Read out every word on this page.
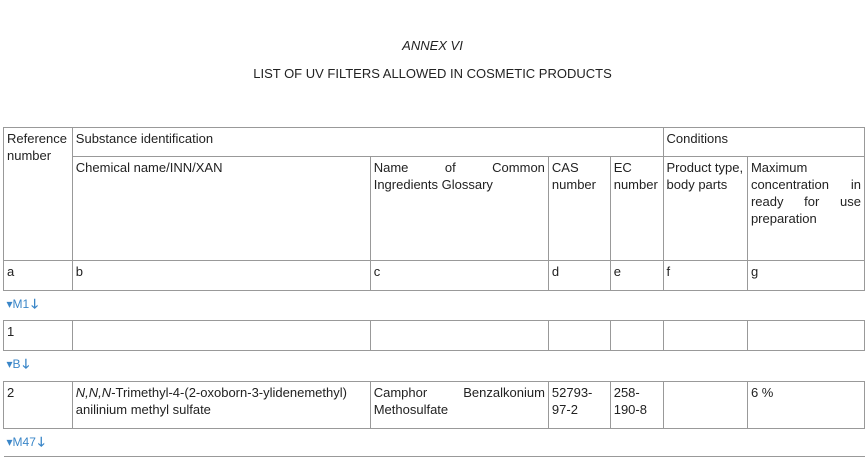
ANNEX VI
LIST OF UV FILTERS ALLOWED IN COSMETIC PRODUCTS
Reference number	Substance identification				Conditions	
	Chemical name/INN/XAN	Name of Common Ingredients Glossary	CAS number	EC number	Product type, body parts	Maximum concentration in ready for use preparation

a	b	c	d	e	f	g
▾M1 🡓						
1						
▾B 🡓						
2	N,N,N-Trimethyl-4-(2-oxoborn-3-ylidenemethyl) anilinium methyl sulfate	Camphor Benzalkonium Methosulfate	52793-97-2	258-190-8		6 %
▾M47 🡓						
